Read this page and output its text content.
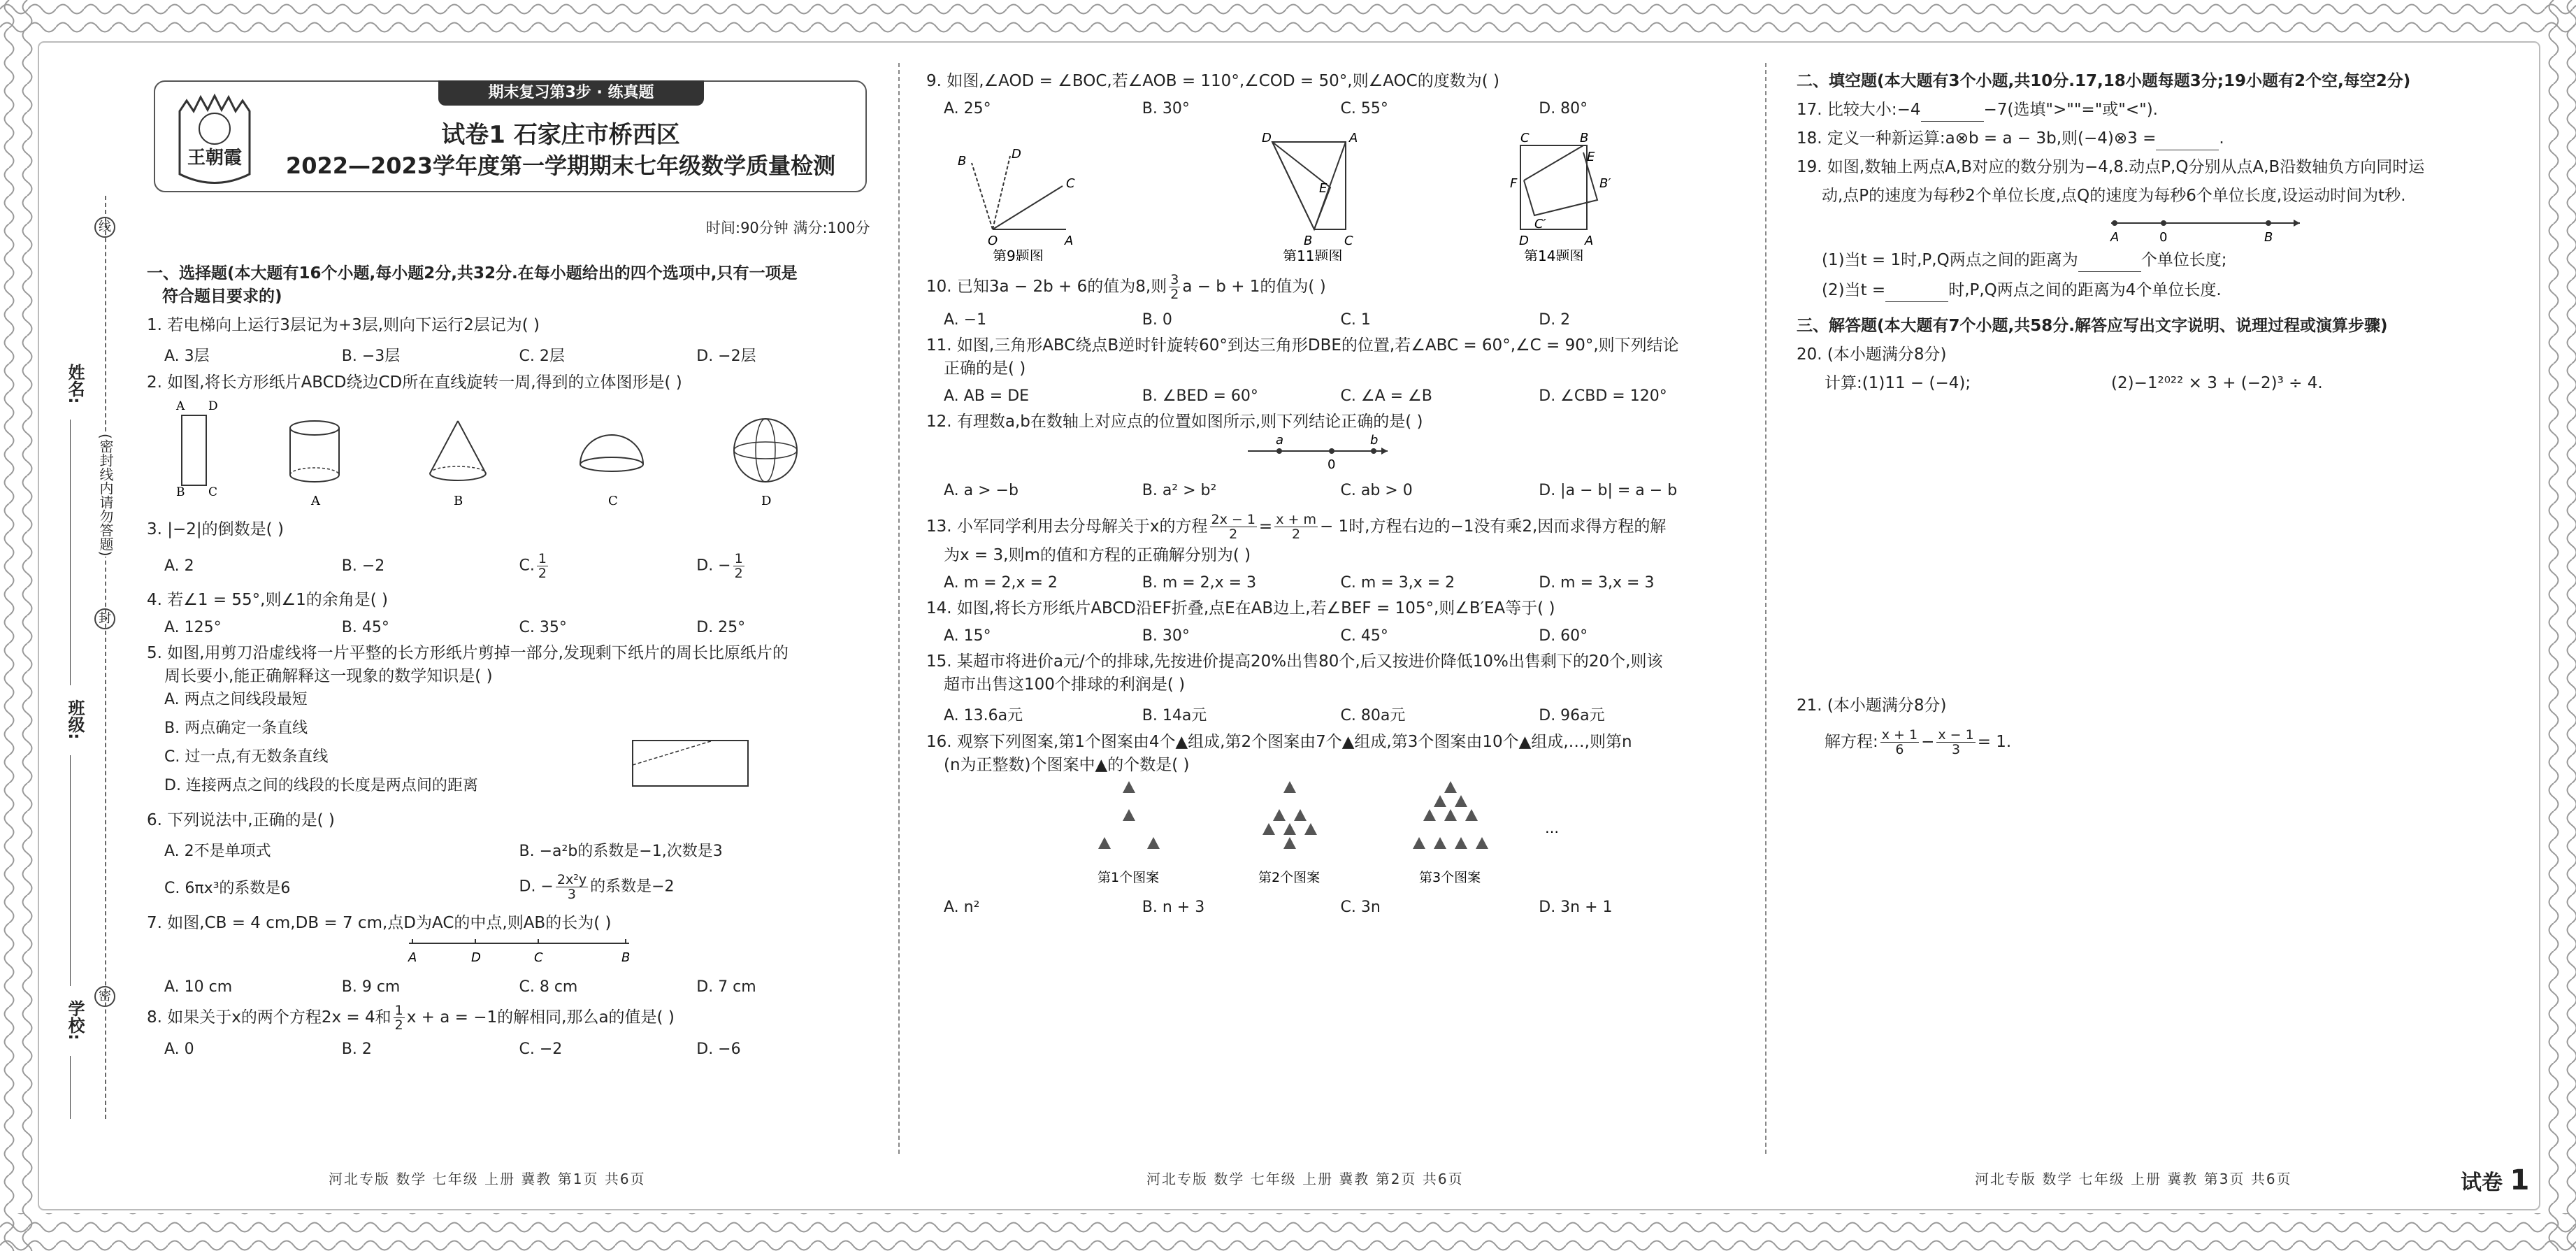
姓名:
班级:
学校:
线
封
密
(密封线内请勿答题)
期末复习第3步 · 练真题
王朝霞
试卷1 石家庄市桥西区
2022—2023学年度第一学期期末七年级数学质量检测
时间:90分钟 满分:100分
一、选择题(本大题有16个小题,每小题2分,共32分.在每小题给出的四个选项中,只有一项是
符合题目要求的)
1. 若电梯向上运行3层记为+3层,则向下运行2层记为( )
A. 3层	B. −3层	C. 2层	D. −2层
2. 如图,将长方形纸片ABCD绕边CD所在直线旋转一周,得到的立体图形是( )
A D
B C
A	B	C	D
3. |−2|的倒数是( )
A. 2	B. −2	C. $\frac{1}{2}$	D. − $\frac{1}{2}$
4. 若∠1 = 55°,则∠1的余角是( )
A. 125°	B. 45°	C. 35°	D. 25°
5. 如图,用剪刀沿虚线将一片平整的长方形纸片剪掉一部分,发现剩下纸片的周长比原纸片的
周长要小,能正确解释这一现象的数学知识是( )
A. 两点之间线段最短
B. 两点确定一条直线
C. 过一点,有无数条直线
D. 连接两点之间的线段的长度是两点间的距离
6. 下列说法中,正确的是( )
A. 2不是单项式	B. −a²b的系数是−1,次数是3
C. 6πx³的系数是6	D. − $\frac{\text{2x²y}}{3}$ 的系数是−2
7. 如图,CB = 4 cm,DB = 7 cm,点D为AC的中点,则AB的长为( )
A	D	C	B
A. 10 cm	B. 9 cm	C. 8 cm	D. 7 cm
8. 如果关于x的两个方程2x = 4和 $\frac{1}{2}$ x + a = −1的解相同,那么a的值是( )
A. 0	B. 2	C. −2	D. −6
河北专版 数学 七年级 上册 冀教 第1页 共6页
9. 如图,∠AOD = ∠BOC,若∠AOB = 110°,∠COD = 50°,则∠AOC的度数为( )
A. 25°	B. 30°	C. 55°	D. 80°
B	D
C
O	A
第9题图
D	A
E
B	C
第11题图
C	B
E
B′
F
C′
D	A
第14题图
10. 已知3a − 2b + 6的值为8,则 $\frac{3}{2}$ a − b + 1的值为( )
A. −1	B. 0	C. 1	D. 2
11. 如图,三角形ABC绕点B逆时针旋转60°到达三角形DBE的位置,若∠ABC = 60°,∠C = 90°,则下列结论
正确的是( )
A. AB = DE	B. ∠BED = 60°	C. ∠A = ∠B	D. ∠CBD = 120°
12. 有理数a,b在数轴上对应点的位置如图所示,则下列结论正确的是( )
a
0
b
A. a > −b	B. a² > b²	C. ab > 0	D. |a − b| = a − b
13. 小军同学利用去分母解关于x的方程 $\frac{2x - 1}{2} = \frac{x + m}{2} - 1$时,方程右边的−1没有乘2,因而求得方程的解
为x = 3,则m的值和方程的正确解分别为( )
A. m = 2,x = 2	B. m = 2,x = 3	C. m = 3,x = 2	D. m = 3,x = 3
14. 如图,将长方形纸片ABCD沿EF折叠,点E在AB边上,若∠BEF = 105°,则∠B′EA等于( )
A. 15°	B. 30°	C. 45°	D. 60°
15. 某超市将进价a元/个的排球,先按进价提高20%出售80个,后又按进价降低10%出售剩下的20个,则该
超市出售这100个排球的利润是( )
A. 13.6a元	B. 14a元	C. 80a元	D. 96a元
16. 观察下列图案,第1个图案由4个▲组成,第2个图案由7个▲组成,第3个图案由10个▲组成,…,则第n
(n为正整数)个图案中▲的个数是( )
第1个图案	第2个图案	第3个图案
…
A. n²	B. n + 3	C. 3n	D. 3n + 1
河北专版 数学 七年级 上册 冀教 第2页 共6页
二、填空题(本大题有3个小题,共10分.17,18小题每题3分;19小题有2个空,每空2分)
17. 比较大小:−4	−7(选填">""="或"<").
18. 定义一种新运算:a⊗b = a − 3b,则(−4)⊗3 =	.
19. 如图,数轴上两点A,B对应的数分别为−4,8.动点P,Q分别从点A,B沿数轴负方向同时运
动,点P的速度为每秒2个单位长度,点Q的速度为每秒6个单位长度,设运动时间为t秒.
A	0	B
(1)当t = 1时,P,Q两点之间的距离为	个单位长度;
(2)当t =	时,P,Q两点之间的距离为4个单位长度.
三、解答题(本大题有7个小题,共58分.解答应写出文字说明、说理过程或演算步骤)
20. (本小题满分8分)
计算:(1)11 − (−4);	(2)−1²⁰²² × 3 + (−2)³ ÷ 4.
21. (本小题满分8分)
解方程: $\frac{x + 1}{6} - \frac{x - 1}{3} = 1$.
河北专版 数学 七年级 上册 冀教 第3页 共6页	试卷 1
